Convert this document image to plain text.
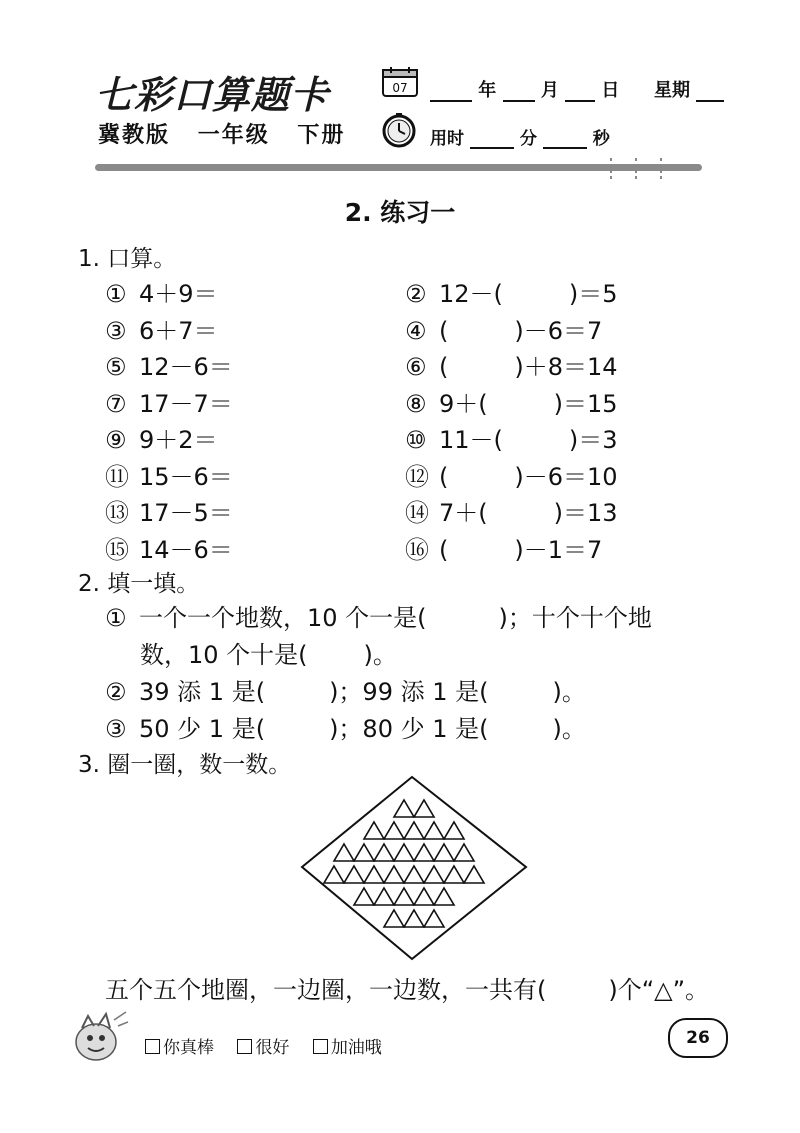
七彩口算题卡
冀教版 一年级 下册
07	年 月 日 星期
用时	分	秒
2. 练习一
1. 口算。
① 4＋9＝	② 12－(	)＝5
③ 6＋7＝	④ (	)－6＝7
⑤ 12－6＝	⑥ (	)＋8＝14
⑦ 17－7＝	⑧ 9＋(	)＝15
⑨ 9＋2＝	⑩ 11－(	)＝3
⑪ 15－6＝	⑫ (	)－6＝10
⑬ 17－5＝	⑭ 7＋(	)＝13
⑮ 14－6＝	⑯ (	)－1＝7
2. 填一填。
① 一个一个地数，10 个一是(	)；十个十个地
数，10 个十是( )。
② 39 添 1 是(	)；99 添 1 是(	)。
③ 50 少 1 是(	)；80 少 1 是(	)。
3. 圈一圈，数一数。
五个五个地圈，一边圈，一边数，一共有(	)个“△”。
你真棒 很好 加油哦	26
